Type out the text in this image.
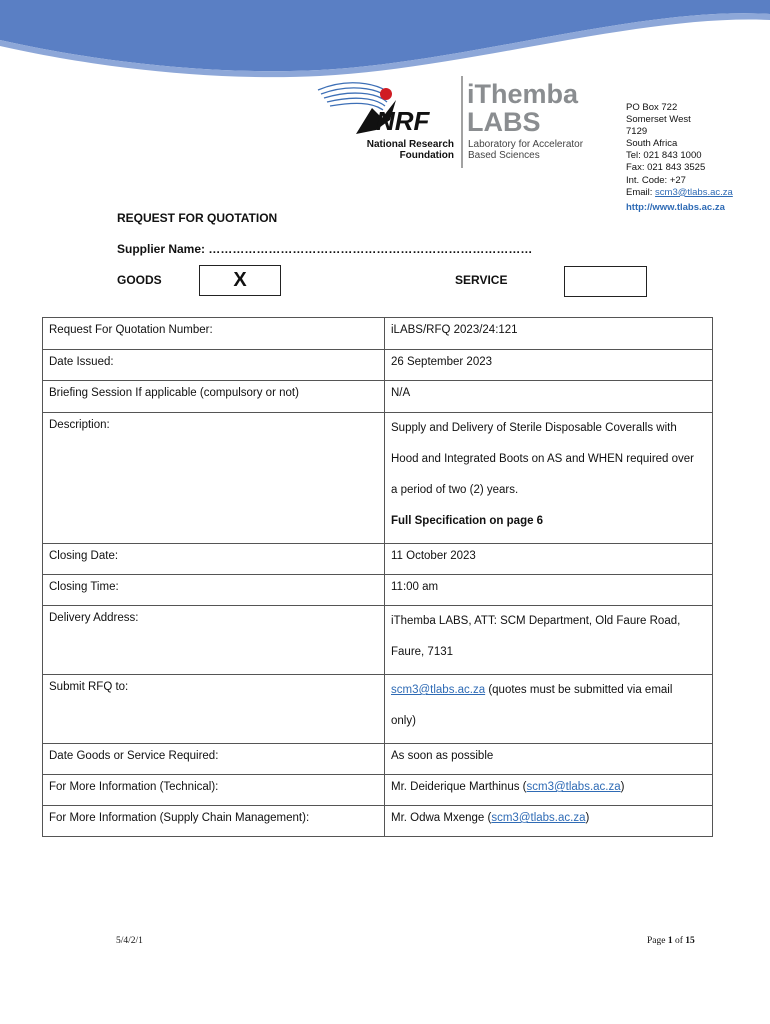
NRF
National Research
Foundation
iThemba
LABS
Laboratory for Accelerator
Based Sciences
PO Box 722
Somerset West
7129
South Africa
Tel: 021 843 1000
Fax: 021 843 3525
Int. Code: +27
Email: scm3@tlabs.ac.za
http://www.tlabs.ac.za
REQUEST FOR QUOTATION
Supplier Name: ………………………………………………………………………
GOODS	X	SERVICE
Request For Quotation Number:	iLABS/RFQ 2023/24:121
Date Issued:	26 September 2023
Briefing Session If applicable (compulsory or not)	N/A
Description:	Supply and Delivery of Sterile Disposable Coveralls with
Hood and Integrated Boots on AS and WHEN required over
a period of two (2) years.
Full Specification on page 6

Closing Date:	11 October 2023
Closing Time:	11:00 am
Delivery Address:	iThemba LABS, ATT: SCM Department, Old Faure Road,
Faure, 7131

Submit RFQ to:	scm3@tlabs.ac.za (quotes must be submitted via email
only)

Date Goods or Service Required:	As soon as possible
For More Information (Technical):	Mr. Deiderique Marthinus (scm3@tlabs.ac.za)
For More Information (Supply Chain Management):	Mr. Odwa Mxenge (scm3@tlabs.ac.za)
5/4/2/1	Page 1 of 15
